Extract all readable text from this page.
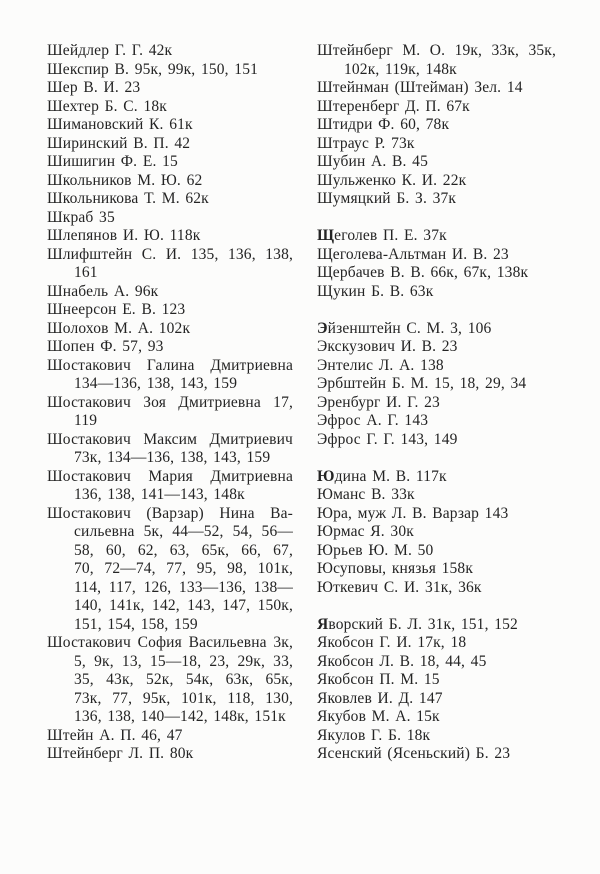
Шейдлер Г. Г. 42к
Шекспир В. 95к, 99к, 150, 151
Шер В. И. 23
Шехтер Б. С. 18к
Шимановский К. 61к
Ширинский В. П. 42
Шишигин Ф. Е. 15
Школьников М. Ю. 62
Школьникова Т. М. 62к
Шкраб 35
Шлепянов И. Ю. 118к
Шлифштейн С. И. 135, 136, 138,
161
Шнабель А. 96к
Шнеерсон Е. В. 123
Шолохов М. А. 102к
Шопен Ф. 57, 93
Шостакович Галина Дмитриевна
134—136, 138, 143, 159
Шостакович Зоя Дмитриевна 17,
119
Шостакович Максим Дмитриевич
73к, 134—136, 138, 143, 159
Шостакович Мария Дмитриевна
136, 138, 141—143, 148к
Шостакович (Варзар) Нина Ва-
сильевна 5к, 44—52, 54, 56—
58, 60, 62, 63, 65к, 66, 67,
70, 72—74, 77, 95, 98, 101к,
114, 117, 126, 133—136, 138—
140, 141к, 142, 143, 147, 150к,
151, 154, 158, 159
Шостакович София Васильевна 3к,
5, 9к, 13, 15—18, 23, 29к, 33,
35, 43к, 52к, 54к, 63к, 65к,
73к, 77, 95к, 101к, 118, 130,
136, 138, 140—142, 148к, 151к
Штейн А. П. 46, 47
Штейнберг Л. П. 80к
Штейнберг М. О. 19к, 33к, 35к,
102к, 119к, 148к
Штейнман (Штейман) Зел. 14
Штеренберг Д. П. 67к
Штидри Ф. 60, 78к
Штраус Р. 73к
Шубин А. В. 45
Шульженко К. И. 22к
Шумяцкий Б. З. 37к
Щеголев П. Е. 37к
Щеголева-Альтман И. В. 23
Щербачев В. В. 66к, 67к, 138к
Щукин Б. В. 63к
Эйзенштейн С. М. 3, 106
Экскузович И. В. 23
Энтелис Л. А. 138
Эрбштейн Б. М. 15, 18, 29, 34
Эренбург И. Г. 23
Эфрос А. Г. 143
Эфрос Г. Г. 143, 149
Юдина М. В. 117к
Юманс В. 33к
Юра, муж Л. В. Варзар 143
Юрмас Я. 30к
Юрьев Ю. М. 50
Юсуповы, князья 158к
Юткевич С. И. 31к, 36к
Яворский Б. Л. 31к, 151, 152
Якобсон Г. И. 17к, 18
Якобсон Л. В. 18, 44, 45
Якобсон П. М. 15
Яковлев И. Д. 147
Якубов М. А. 15к
Якулов Г. Б. 18к
Ясенский (Ясеньский) Б. 23
